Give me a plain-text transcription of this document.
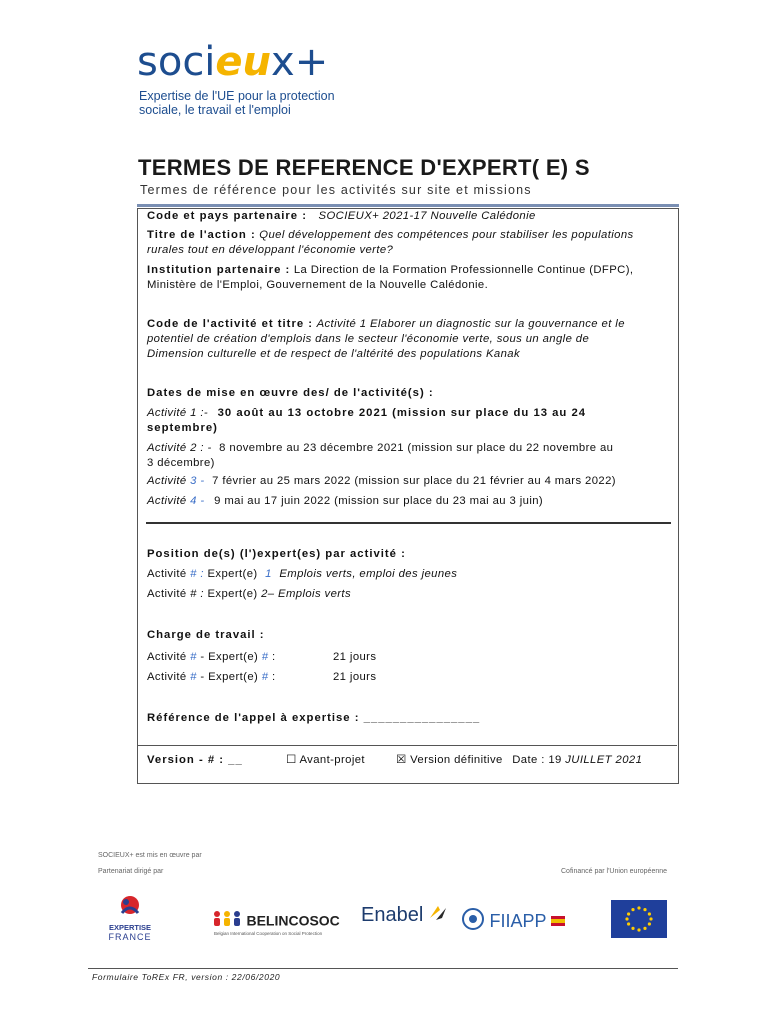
socieux+
Expertise de l'UE pour la protection
sociale, le travail et l'emploi
TERMES DE REFERENCE D'EXPERT( E) S
Termes de référence pour les activités sur site et missions
Code et pays partenaire : SOCIEUX+ 2021-17 Nouvelle Calédonie
Titre de l'action : Quel développement des compétences pour stabiliser les populations
rurales tout en développant l'économie verte?
Institution partenaire : La Direction de la Formation Professionnelle Continue (DFPC),
Ministère de l'Emploi, Gouvernement de la Nouvelle Calédonie.
Code de l'activité et titre : Activité 1 Elaborer un diagnostic sur la gouvernance et le
potentiel de création d'emplois dans le secteur l'économie verte, sous un angle de
Dimension culturelle et de respect de l'altérité des populations Kanak
Dates de mise en œuvre des/ de l'activité(s) :
Activité 1 :- 30 août au 13 octobre 2021 (mission sur place du 13 au 24
septembre)
Activité 2 : - 8 novembre au 23 décembre 2021 (mission sur place du 22 novembre au
3 décembre)
Activité 3 - 7 février au 25 mars 2022 (mission sur place du 21 février au 4 mars 2022)
Activité 4 - 9 mai au 17 juin 2022 (mission sur place du 23 mai au 3 juin)
Position de(s) (l')expert(es) par activité :
Activité # : Expert(e) 1 Emplois verts, emploi des jeunes
Activité # : Expert(e) 2– Emplois verts
Charge de travail :
Activité # - Expert(e) # :	21 jours
Activité # - Expert(e) # :	21 jours
Référence de l'appel à expertise : ________________
Version - # : __	☐ Avant-projet	☒ Version définitive Date : 19 JUILLET 2021
SOCIEUX+ est mis en œuvre par
Partenariat dirigé par	Cofinancé par l'Union européenne
EXPERTISE
FRANCE
BELINCOSOC
Belgian International Cooperation on Social Protection
Enabel	FIIAPP
Formulaire ToREx FR, version : 22/06/2020
